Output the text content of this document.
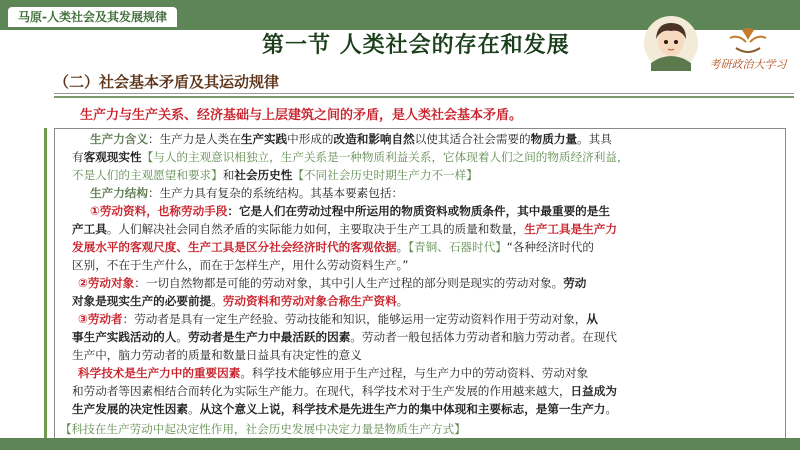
马原-人类社会及其发展规律
第一节 人类社会的存在和发展
考研政治大学习
（二）社会基本矛盾及其运动规律
生产力与生产关系、经济基础与上层建筑之间的矛盾，是人类社会基本矛盾。
生产力含义：生产力是人类在生产实践中形成的改造和影响自然以使其适合社会需要的物质力量。其具
有客观现实性【与人的主观意识相独立，生产关系是一种物质利益关系，它体现着人们之间的物质经济利益，
不是人们的主观愿望和要求】和社会历史性【不同社会历史时期生产力不一样】
生产力结构：生产力具有复杂的系统结构。其基本要素包括：
①劳动资料，也称劳动手段：它是人们在劳动过程中所运用的物质资料或物质条件，其中最重要的是生
产工具。人们解决社会同自然矛盾的实际能力如何，主要取决于生产工具的质量和数量，生产工具是生产力
发展水平的客观尺度、生产工具是区分社会经济时代的客观依据。【青铜、石器时代】“各种经济时代的
区别，不在于生产什么，而在于怎样生产，用什么劳动资料生产。”
②劳动对象：一切自然物都是可能的劳动对象，其中引人生产过程的部分则是现实的劳动对象。劳动
对象是现实生产的必要前提。劳动资料和劳动对象合称生产资料。
③劳动者：劳动者是具有一定生产经验、劳动技能和知识，能够运用一定劳动资料作用于劳动对象，从
事生产实践活动的人。劳动者是生产力中最活跃的因素。劳动者一般包括体力劳动者和脑力劳动者。在现代
生产中，脑力劳动者的质量和数量日益具有决定性的意义
科学技术是生产力中的重要因素。科学技术能够应用于生产过程，与生产力中的劳动资料、劳动对象
和劳动者等因素相结合而转化为实际生产能力。在现代，科学技术对于生产发展的作用越来越大，日益成为
生产发展的决定性因素。从这个意义上说，科学技术是先进生产力的集中体现和主要标志，是第一生产力。
【科技在生产劳动中起决定性作用，社会历史发展中决定力量是物质生产方式】
